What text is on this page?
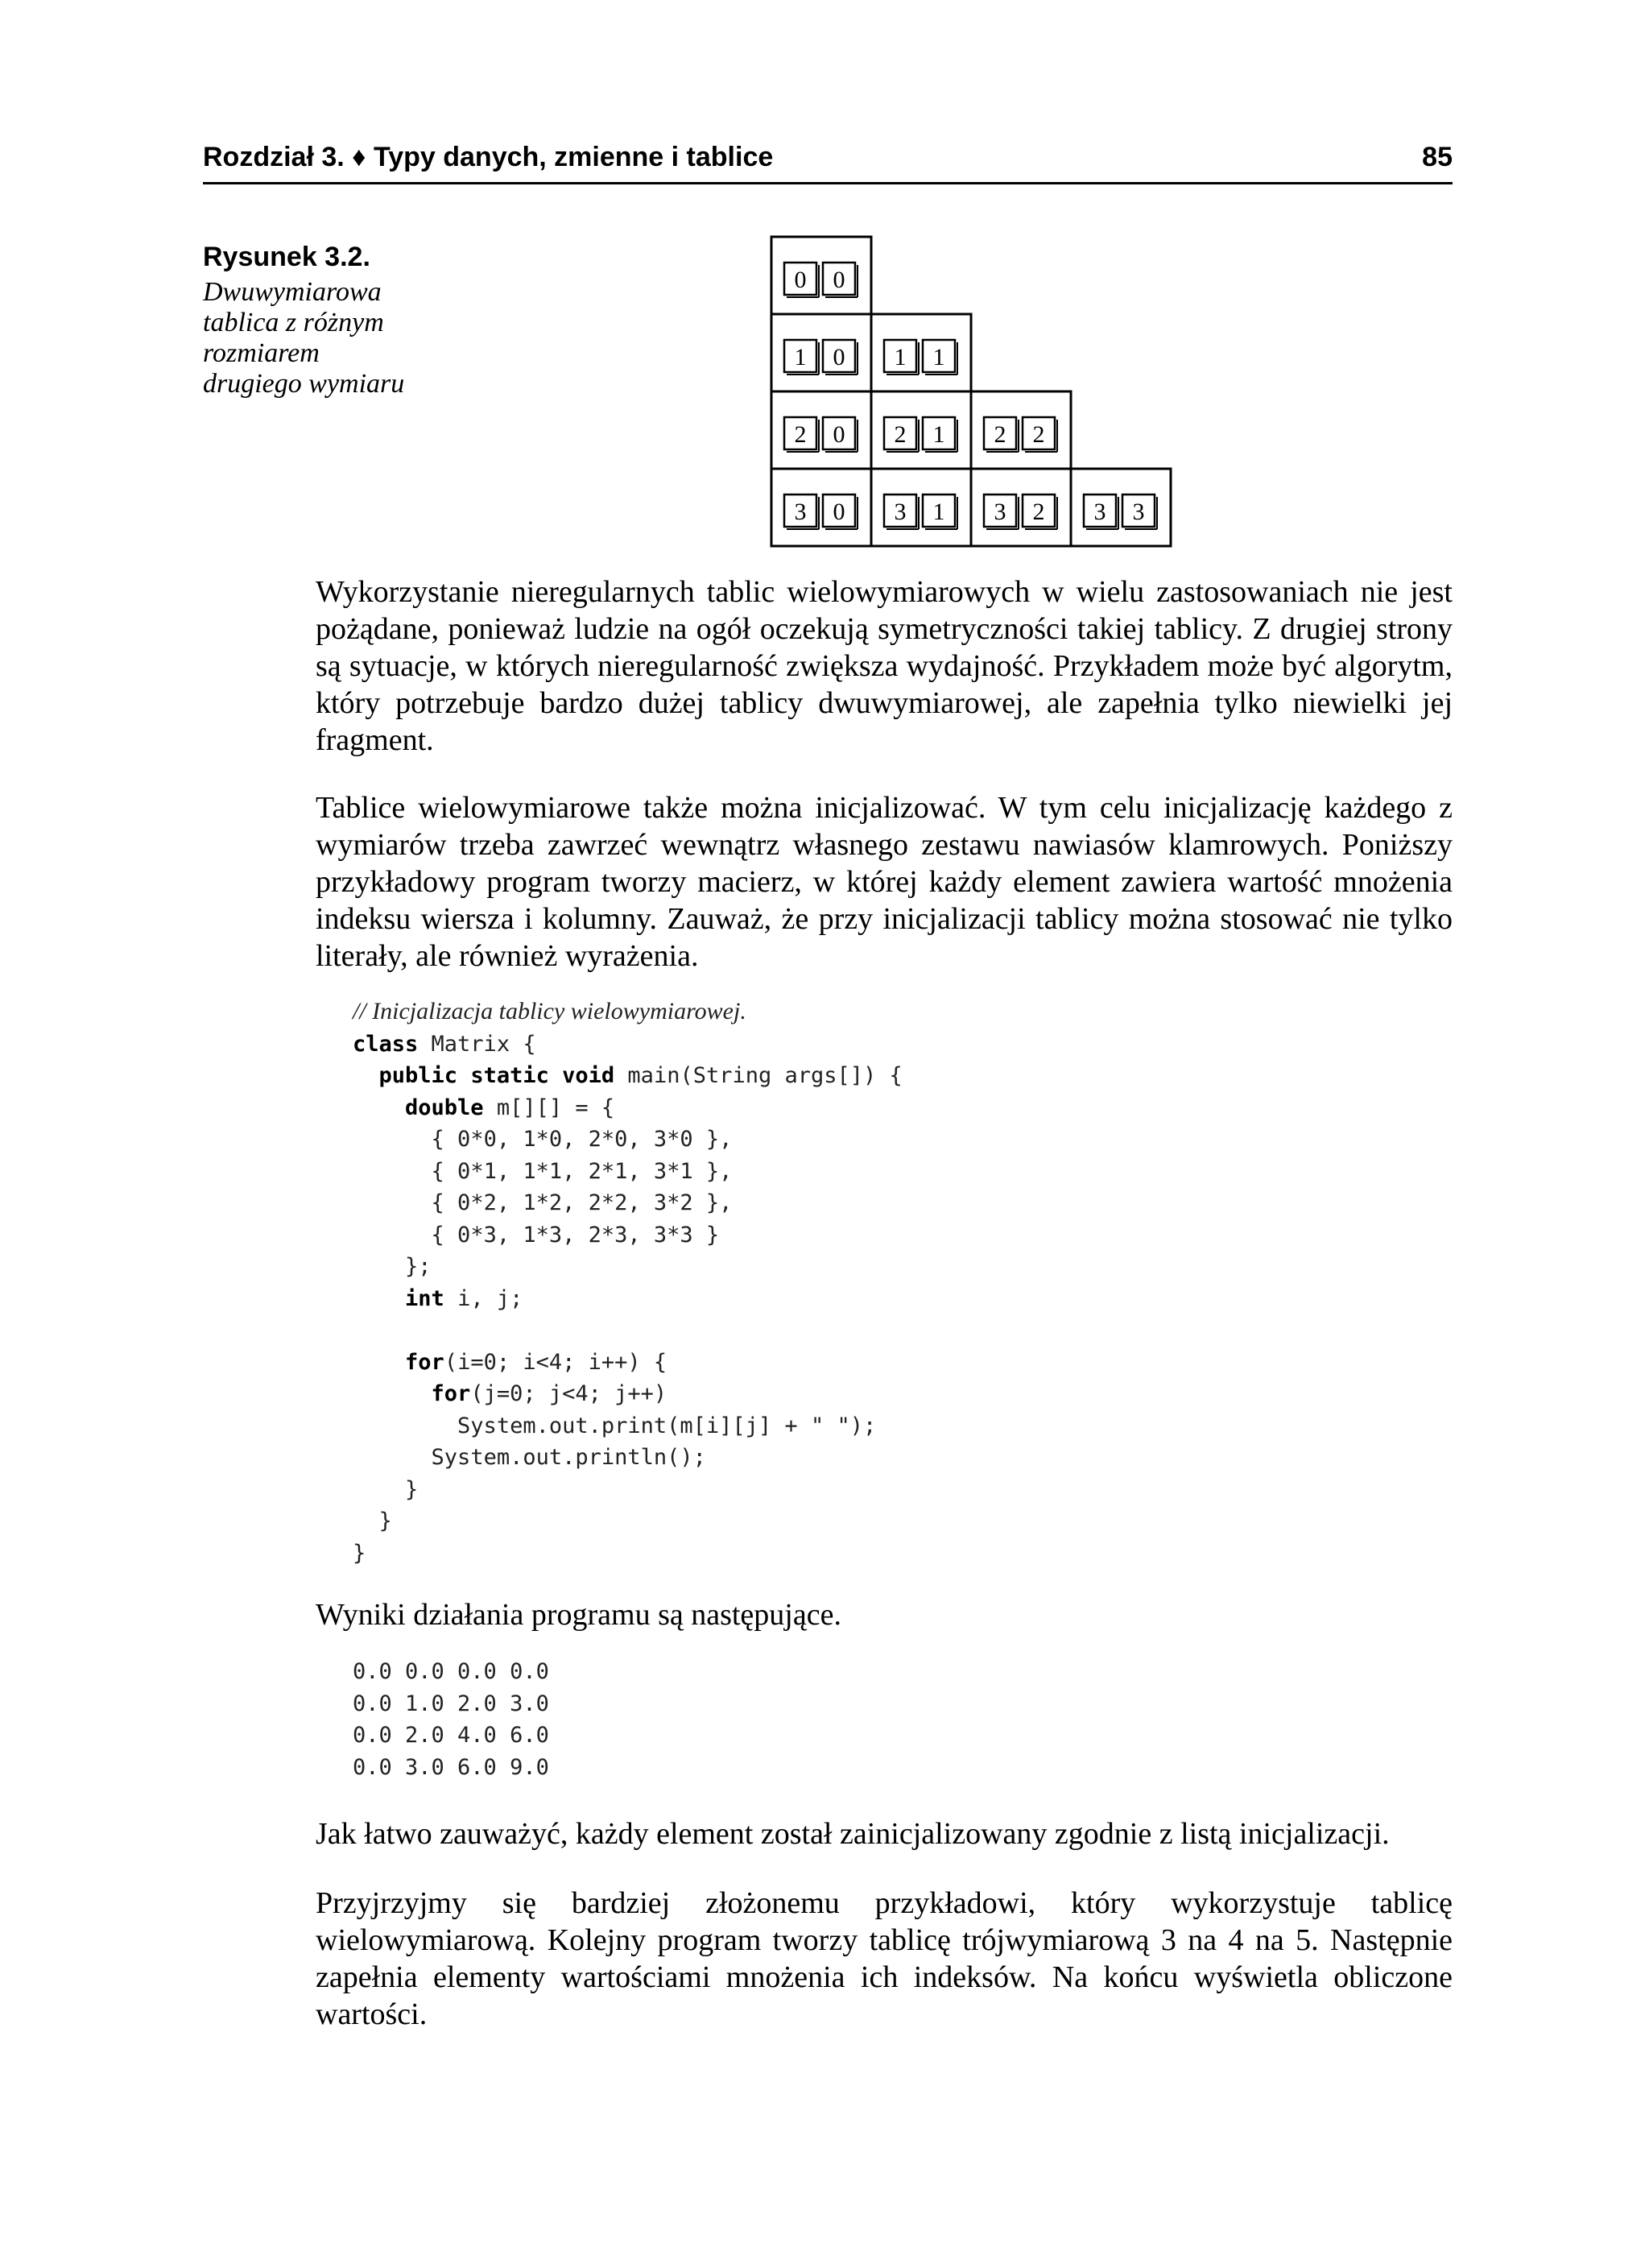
Rozdział 3. ♦ Typy danych, zmienne i tablice	85
Rysunek 3.2.
Dwuwymiarowa
tablica z różnym
rozmiarem
drugiego wymiaru
0 0
1 0 1 1
2 0 2 1 2 2
3 0 3 1 3 2 3 3

Wykorzystanie nieregularnych tablic wielowymiarowych w wielu zastosowaniach nie jest pożądane, ponieważ ludzie na ogół oczekują symetryczności takiej tablicy. Z drugiej strony są sytuacje, w których nieregularność zwiększa wydajność. Przykładem może być algorytm, który potrzebuje bardzo dużej tablicy dwuwymiarowej, ale zapełnia tylko niewielki jej fragment.

Tablice wielowymiarowe także można inicjalizować. W tym celu inicjalizację każdego z wymiarów trzeba zawrzeć wewnątrz własnego zestawu nawiasów klamrowych. Poniższy przykładowy program tworzy macierz, w której każdy element zawiera wartość mnożenia indeksu wiersza i kolumny. Zauważ, że przy inicjalizacji tablicy można stosować nie tylko literały, ale również wyrażenia.

// Inicjalizacja tablicy wielowymiarowej.
class Matrix {
public static void main(String args[]) {
double m[][] = {
{ 0*0, 1*0, 2*0, 3*0 },
{ 0*1, 1*1, 2*1, 3*1 },
{ 0*2, 1*2, 2*2, 3*2 },
{ 0*3, 1*3, 2*3, 3*3 }
};
int i, j;

for(i=0; i<4; i++) {
for(j=0; j<4; j++)
System.out.print(m[i][j] + " ");
System.out.println();
}
}
}

Wyniki działania programu są następujące.

0.0 0.0 0.0 0.0
0.0 1.0 2.0 3.0
0.0 2.0 4.0 6.0
0.0 3.0 6.0 9.0

Jak łatwo zauważyć, każdy element został zainicjalizowany zgodnie z listą inicjalizacji.

Przyjrzyjmy się bardziej złożonemu przykładowi, który wykorzystuje tablicę wielowymiarową. Kolejny program tworzy tablicę trójwymiarową 3 na 4 na 5. Następnie zapełnia elementy wartościami mnożenia ich indeksów. Na końcu wyświetla obliczone wartości.
